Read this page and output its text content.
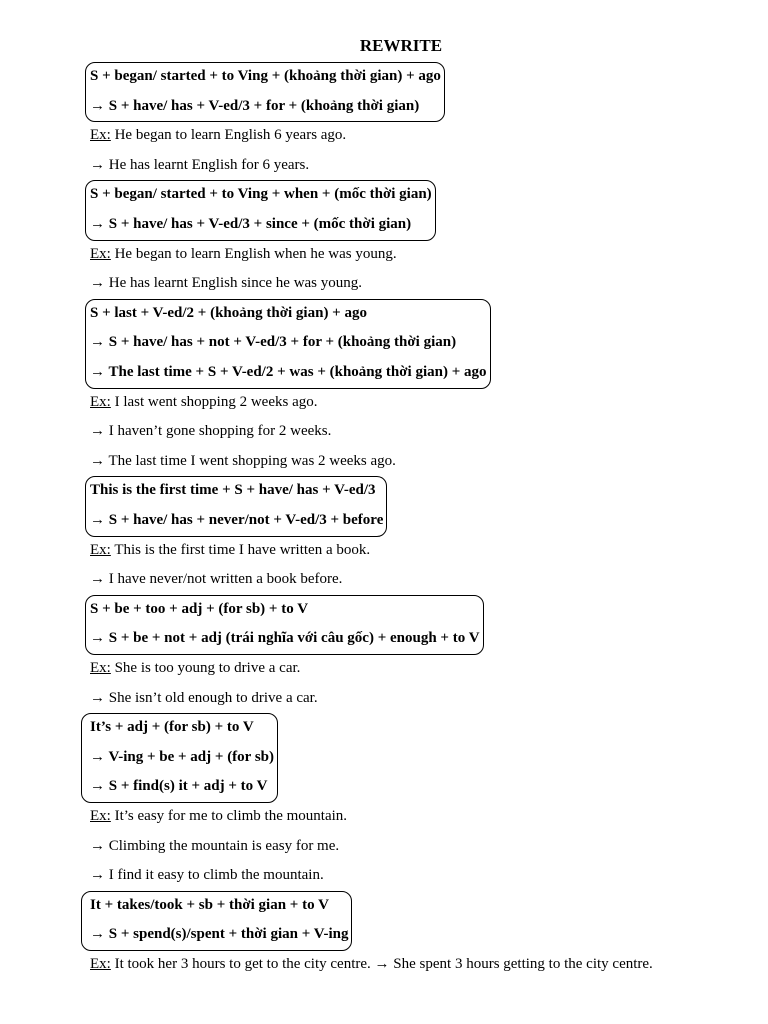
REWRITE
S + began/ started + to Ving + (khoảng thời gian) + ago
→ S + have/ has + V-ed/3 + for + (khoảng thời gian)
Ex: He began to learn English 6 years ago.
→ He has learnt English for 6 years.
S + began/ started + to Ving + when + (mốc thời gian)
→ S + have/ has + V-ed/3 + since + (mốc thời gian)
Ex: He began to learn English when he was young.
→ He has learnt English since he was young.
S + last + V-ed/2 + (khoảng thời gian) + ago
→ S + have/ has + not + V-ed/3 + for + (khoảng thời gian)
→ The last time + S + V-ed/2 + was + (khoảng thời gian) + ago
Ex: I last went shopping 2 weeks ago.
→ I haven’t gone shopping for 2 weeks.
→ The last time I went shopping was 2 weeks ago.
This is the first time + S + have/ has + V-ed/3
→ S + have/ has + never/not + V-ed/3 + before
Ex: This is the first time I have written a book.
→ I have never/not written a book before.
S + be + too + adj + (for sb) + to V
→ S + be + not + adj (trái nghĩa với câu gốc) + enough + to V
Ex: She is too young to drive a car.
→ She isn’t old enough to drive a car.
It’s + adj + (for sb) + to V
→ V-ing + be + adj + (for sb)
→ S + find(s) it + adj + to V
Ex: It’s easy for me to climb the mountain.
→ Climbing the mountain is easy for me.
→ I find it easy to climb the mountain.
It + takes/took + sb + thời gian + to V
→ S + spend(s)/spent + thời gian + V-ing
Ex: It took her 3 hours to get to the city centre. → She spent 3 hours getting to the city centre.
